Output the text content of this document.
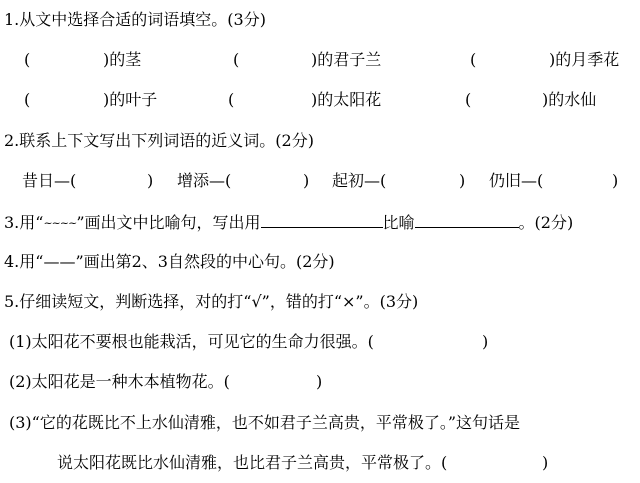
1.从文中选择合适的词语填空。(3分)
(	)的茎	(	)的君子兰	(	)的月季花
(	)的叶子	(	)的太阳花	(	)的水仙
2.联系上下文写出下列词语的近义词。(2分)
昔日—(	) 增添—(	) 起初—(	) 仍旧—(	)
3.用“~~~~”画出文中比喻句，写出用	比喻	。(2分)
4.用“——”画出第2、3自然段的中心句。(2分)
5.仔细读短文，判断选择，对的打“√”，错的打“×”。(3分)
(1)太阳花不要根也能栽活，可见它的生命力很强。(	)
(2)太阳花是一种木本植物花。(	)
(3)“它的花既比不上水仙清雅，也不如君子兰高贵，平常极了。”这句话是
说太阳花既比水仙清雅，也比君子兰高贵，平常极了。(	)
